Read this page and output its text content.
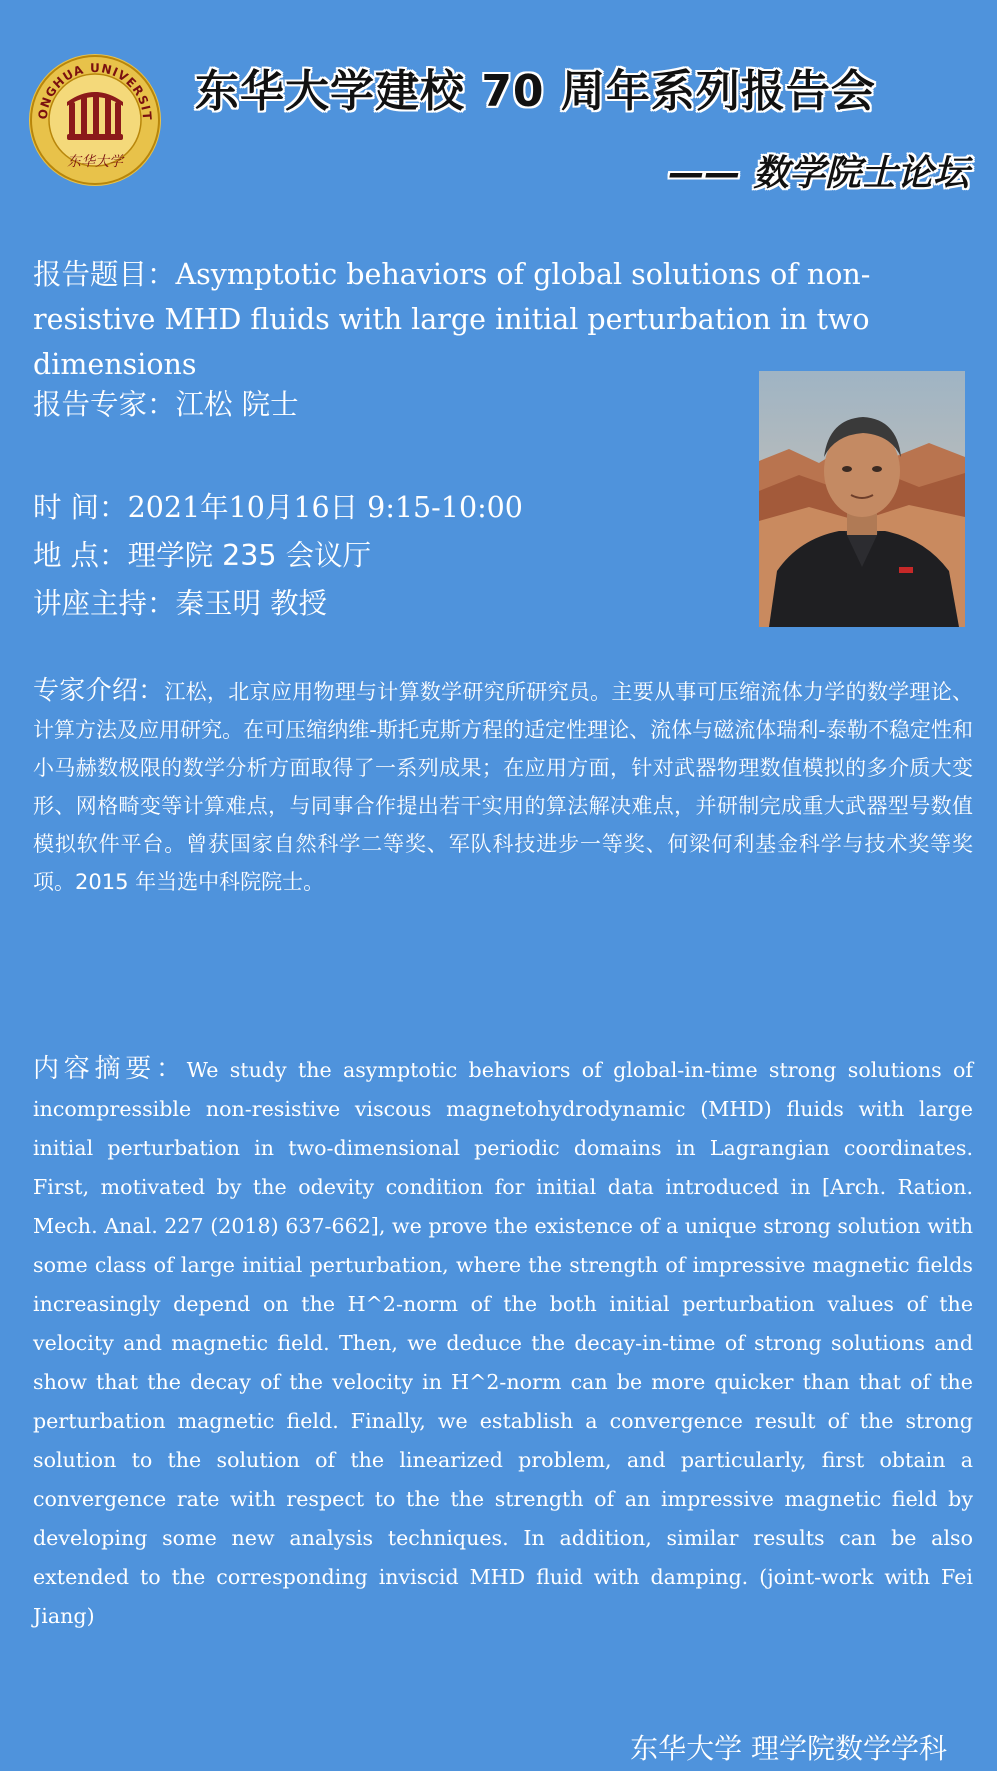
ONGHUA UNIVERSIT
东华大学
东华大学建校 70 周年系列报告会
—— 数学院士论坛
报告题目：Asymptotic behaviors of global solutions of non-resistive MHD fluids with large initial perturbation in two dimensions
报告专家：江松 院士
时 间：2021年10月16日 9:15-10:00
地 点：理学院 235 会议厅
讲座主持：秦玉明 教授
专家介绍：江松，北京应用物理与计算数学研究所研究员。主要从事可压缩流体力学的数学理论、计算方法及应用研究。在可压缩纳维-斯托克斯方程的适定性理论、流体与磁流体瑞利-泰勒不稳定性和小马赫数极限的数学分析方面取得了一系列成果；在应用方面，针对武器物理数值模拟的多介质大变形、网格畸变等计算难点，与同事合作提出若干实用的算法解决难点，并研制完成重大武器型号数值模拟软件平台。曾获国家自然科学二等奖、军队科技进步一等奖、何梁何利基金科学与技术奖等奖项。2015 年当选中科院院士。
内容摘要：We study the asymptotic behaviors of global-in-time strong solutions of incompressible non-resistive viscous magnetohydrodynamic (MHD) fluids with large initial perturbation in two-dimensional periodic domains in Lagrangian coordinates. First, motivated by the odevity condition for initial data introduced in [Arch. Ration. Mech. Anal. 227 (2018) 637-662], we prove the existence of a unique strong solution with some class of large initial perturbation, where the strength of impressive magnetic fields increasingly depend on the H^2-norm of the both initial perturbation values of the velocity and magnetic field. Then, we deduce the decay-in-time of strong solutions and show that the decay of the velocity in H^2-norm can be more quicker than that of the perturbation magnetic field. Finally, we establish a convergence result of the strong solution to the solution of the linearized problem, and particularly, first obtain a convergence rate with respect to the the strength of an impressive magnetic field by developing some new analysis techniques. In addition, similar results can be also extended to the corresponding inviscid MHD fluid with damping. (joint-work with Fei Jiang)
东华大学 理学院数学学科
